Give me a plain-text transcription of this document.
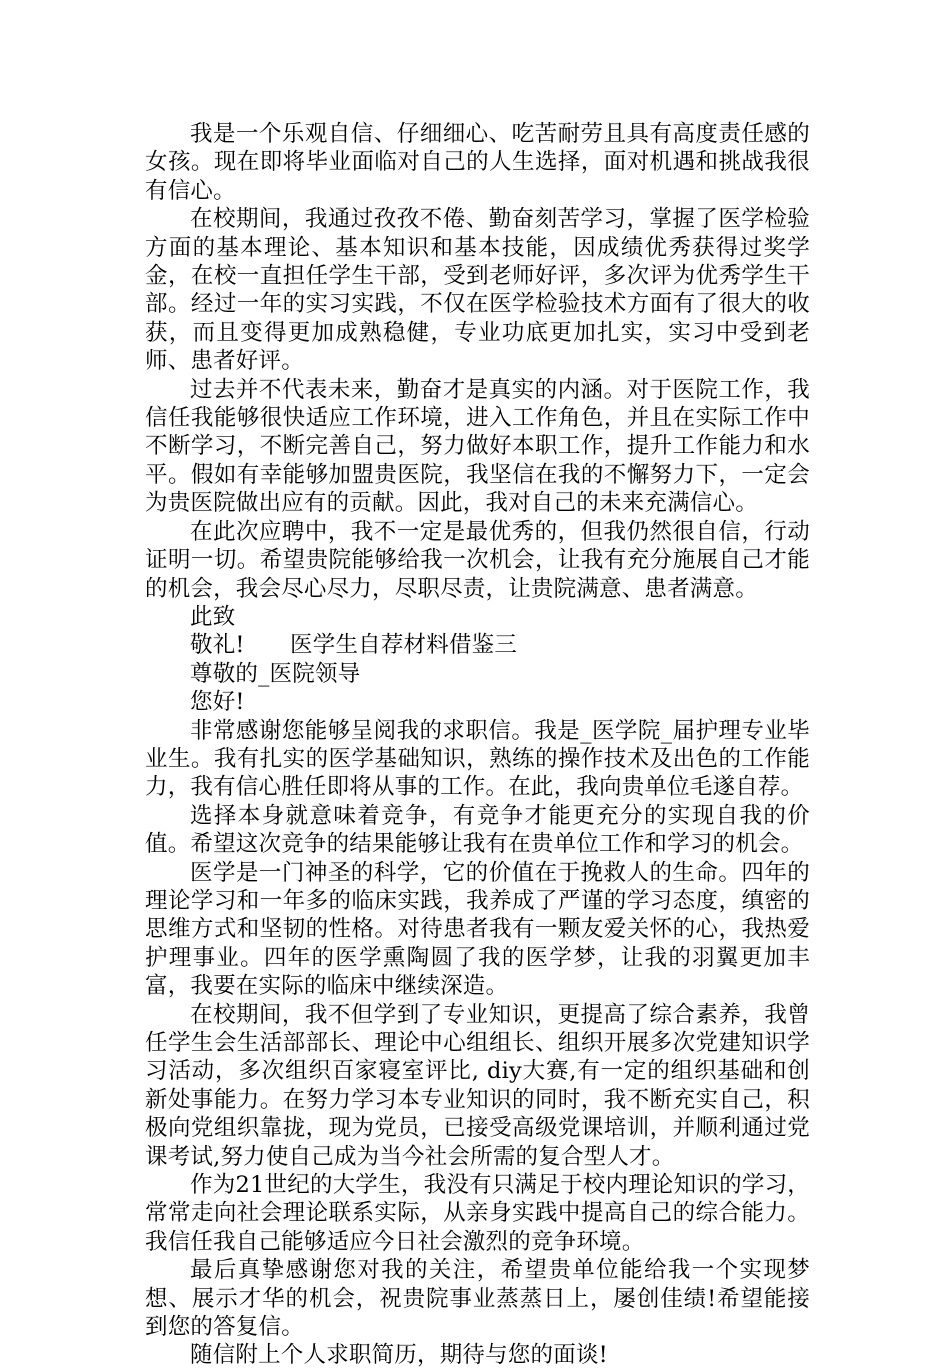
我是一个乐观自信、仔细细心、吃苦耐劳且具有高度责任感的女孩。现在即将毕业面临对自己的人生选择，面对机遇和挑战我很有信心。

在校期间，我通过孜孜不倦、勤奋刻苦学习，掌握了医学检验方面的基本理论、基本知识和基本技能，因成绩优秀获得过奖学金，在校一直担任学生干部，受到老师好评，多次评为优秀学生干部。经过一年的实习实践，不仅在医学检验技术方面有了很大的收获，而且变得更加成熟稳健，专业功底更加扎实，实习中受到老师、患者好评。

过去并不代表未来，勤奋才是真实的内涵。对于医院工作，我信任我能够很快适应工作环境，进入工作角色，并且在实际工作中不断学习，不断完善自己，努力做好本职工作，提升工作能力和水平。假如有幸能够加盟贵医院，我坚信在我的不懈努力下，一定会为贵医院做出应有的贡献。因此，我对自己的未来充满信心。

在此次应聘中，我不一定是最优秀的，但我仍然很自信，行动证明一切。希望贵院能够给我一次机会，让我有充分施展自己才能的机会，我会尽心尽力，尽职尽责，让贵院满意、患者满意。

此致

敬礼!　　医学生自荐材料借鉴三

尊敬的_医院领导

您好!

非常感谢您能够呈阅我的求职信。我是_医学院_届护理专业毕业生。我有扎实的医学基础知识，熟练的操作技术及出色的工作能力，我有信心胜任即将从事的工作。在此，我向贵单位毛遂自荐。

选择本身就意味着竞争，有竞争才能更充分的实现自我的价值。希望这次竞争的结果能够让我有在贵单位工作和学习的机会。

医学是一门神圣的科学，它的价值在于挽救人的生命。四年的理论学习和一年多的临床实践，我养成了严谨的学习态度，缜密的思维方式和坚韧的性格。对待患者我有一颗友爱关怀的心，我热爱护理事业。四年的医学熏陶圆了我的医学梦，让我的羽翼更加丰富，我要在实际的临床中继续深造。

在校期间，我不但学到了专业知识，更提高了综合素养，我曾任学生会生活部部长、理论中心组组长、组织开展多次党建知识学习活动，多次组织百家寝室评比, diy大赛,有一定的组织基础和创新处事能力。在努力学习本专业知识的同时，我不断充实自己，积极向党组织靠拢，现为党员，已接受高级党课培训，并顺利通过党课考试,努力使自己成为当今社会所需的复合型人才。

作为21世纪的大学生，我没有只满足于校内理论知识的学习，常常走向社会理论联系实际，从亲身实践中提高自己的综合能力。我信任我自己能够适应今日社会激烈的竞争环境。

最后真挚感谢您对我的关注，希望贵单位能给我一个实现梦想、展示才华的机会，祝贵院事业蒸蒸日上，屡创佳绩!希望能接到您的答复信。

随信附上个人求职简历，期待与您的面谈!
